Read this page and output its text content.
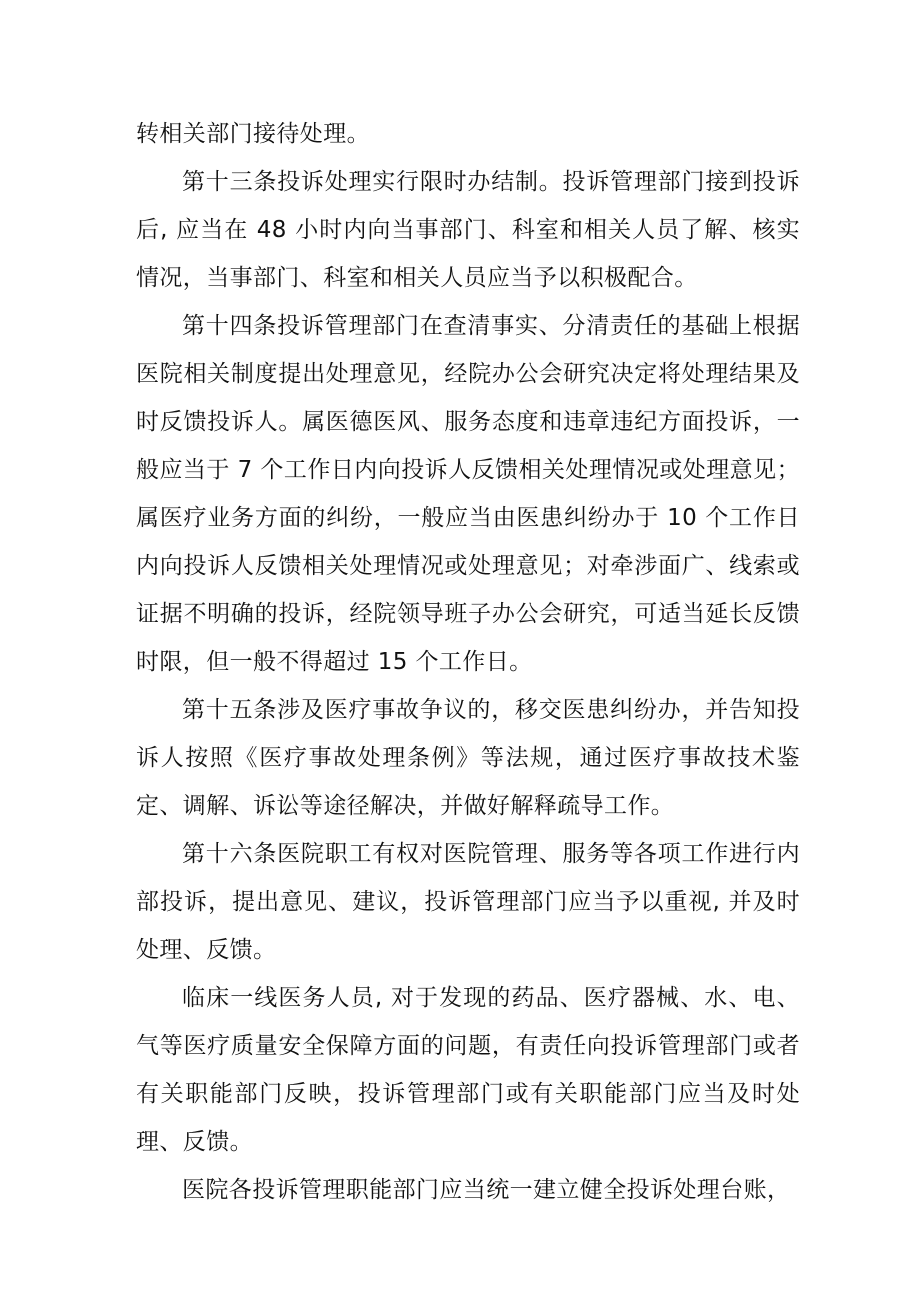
转相关部门接待处理。

第十三条投诉处理实行限时办结制。投诉管理部门接到投诉后, 应当在 48 小时内向当事部门、科室和相关人员了解、核实情况，当事部门、科室和相关人员应当予以积极配合。

第十四条投诉管理部门在查清事实、分清责任的基础上根据医院相关制度提出处理意见，经院办公会研究决定将处理结果及时反馈投诉人。属医德医风、服务态度和违章违纪方面投诉，一般应当于 7 个工作日内向投诉人反馈相关处理情况或处理意见；属医疗业务方面的纠纷，一般应当由医患纠纷办于 10 个工作日内向投诉人反馈相关处理情况或处理意见；对牵涉面广、线索或证据不明确的投诉，经院领导班子办公会研究，可适当延长反馈时限，但一般不得超过 15 个工作日。

第十五条涉及医疗事故争议的，移交医患纠纷办，并告知投诉人按照《医疗事故处理条例》等法规，通过医疗事故技术鉴定、调解、诉讼等途径解决，并做好解释疏导工作。

第十六条医院职工有权对医院管理、服务等各项工作进行内部投诉，提出意见、建议，投诉管理部门应当予以重视, 并及时处理、反馈。

临床一线医务人员, 对于发现的药品、医疗器械、水、电、气等医疗质量安全保障方面的问题，有责任向投诉管理部门或者有关职能部门反映，投诉管理部门或有关职能部门应当及时处理、反馈。

医院各投诉管理职能部门应当统一建立健全投诉处理台账，
